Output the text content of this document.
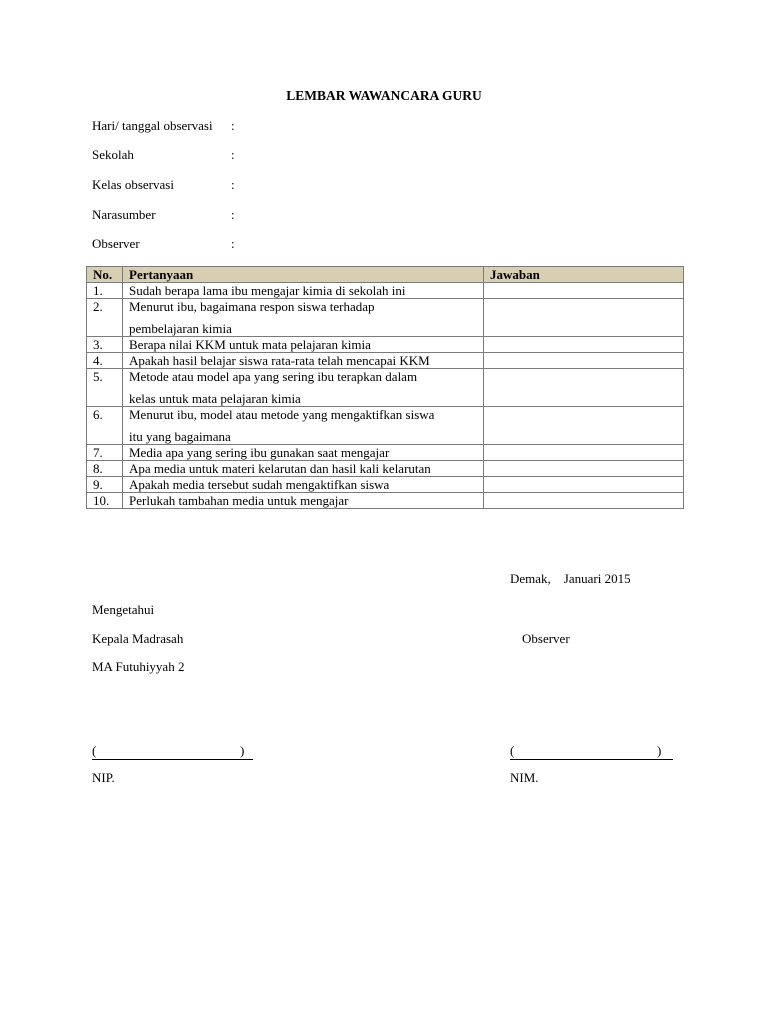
LEMBAR WAWANCARA GURU
Hari/ tanggal observasi :
Sekolah	:
Kelas observasi	:
Narasumber	:
Observer	:
No.	Pertanyaan	Jawaban
1.	Sudah berapa lama ibu mengajar kimia di sekolah ini	

2.	Menurut ibu, bagaimana respon siswa terhadap
pembelajaran kimia	

3.	Berapa nilai KKM untuk mata pelajaran kimia	

4.	Apakah hasil belajar siswa rata-rata telah mencapai KKM	

5.	Metode atau model apa yang sering ibu terapkan dalam
kelas untuk mata pelajaran kimia	

6.	Menurut ibu, model atau metode yang mengaktifkan siswa
itu yang bagaimana	

7.	Media apa yang sering ibu gunakan saat mengajar	

8.	Apa media untuk materi kelarutan dan hasil kali kelarutan	

9.	Apakah media tersebut sudah mengaktifkan siswa	

10.	Perlukah tambahan media untuk mengajar	

Demak,    Januari 2015
Mengetahui
Kepala Madrasah	Observer
MA Futuhiyyah 2
(	)	(	)
NIP.	NIM.
